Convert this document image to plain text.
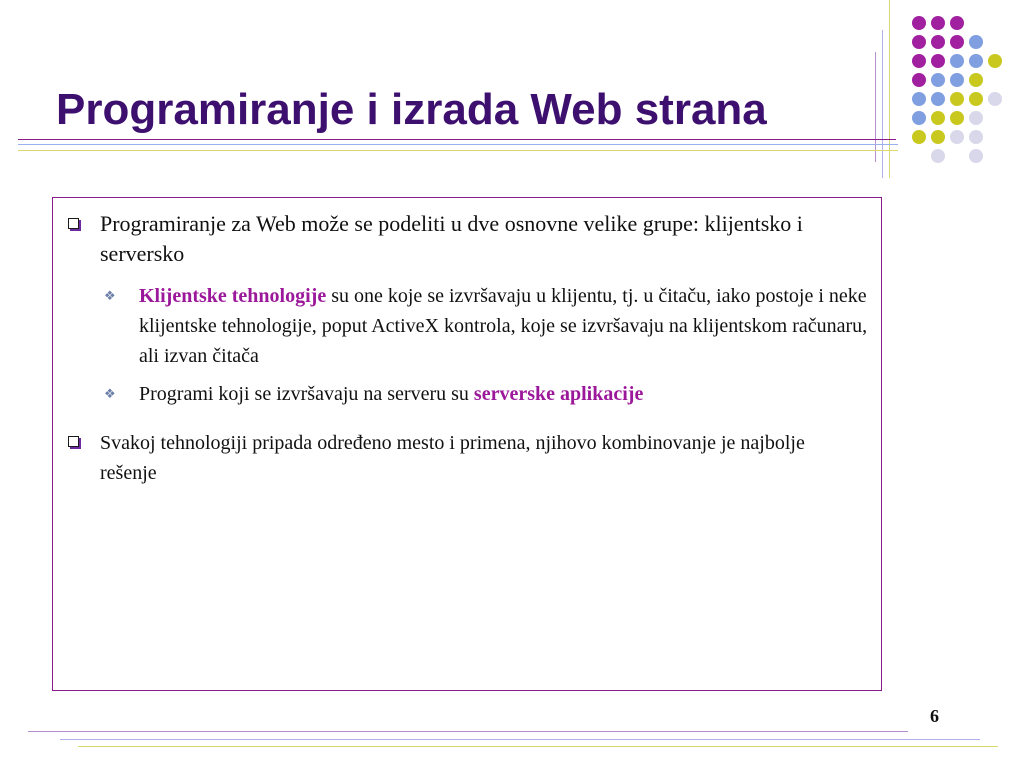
Programiranje i izrada Web strana
Programiranje za Web može se podeliti u dve osnovne velike grupe: klijentsko i serversko
❖ Klijentske tehnologije su one koje se izvršavaju u klijentu, tj. u čitaču, iako postoje i neke klijentske tehnologije, poput ActiveX kontrola, koje se izvršavaju na klijentskom računaru, ali izvan čitača
❖ Programi koji se izvršavaju na serveru su serverske aplikacije
Svakoj tehnologiji pripada određeno mesto i primena, njihovo kombinovanje je najbolje rešenje
6
